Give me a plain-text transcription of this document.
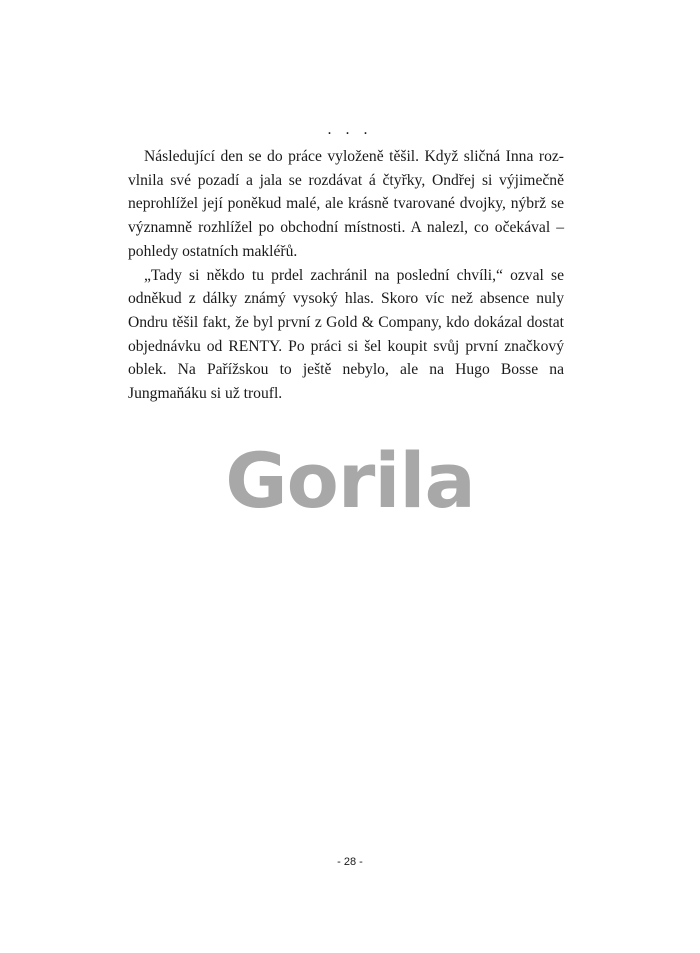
. . .

Následující den se do práce vyloženě těšil. Když sličná Inna rozvlnila své pozadí a jala se rozdávat á čtyřky, Ondřej si výjimečně neprohlížel její poněkud malé, ale krásně tvarované dvojky, nýbrž se významně rozhlížel po obchodní místnosti. A nalezl, co očekával – pohledy ostatních makléřů.

„Tady si někdo tu prdel zachránil na poslední chvíli,“ ozval se odněkud z dálky známý vysoký hlas. Skoro víc než absence nuly Ondru těšil fakt, že byl první z Gold & Company, kdo dokázal dostat objednávku od RENTY. Po práci si šel koupit svůj první značkový oblek. Na Pařížskou to ještě nebylo, ale na Hugo Bosse na Jungmaňáku si už troufl.

Gorila
- 28 -
